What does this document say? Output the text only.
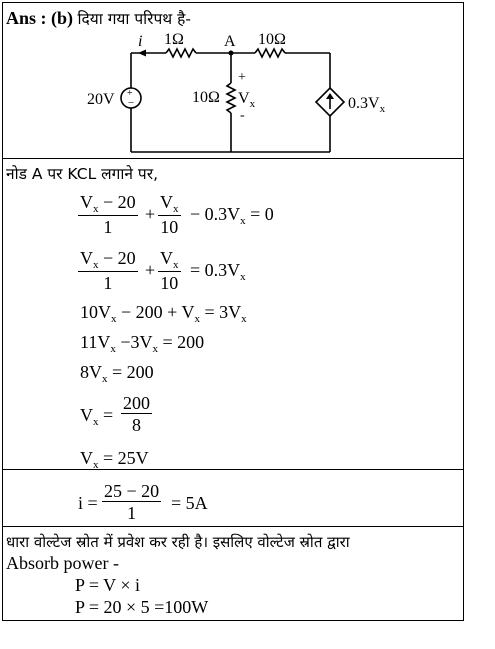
Ans : (b) दिया गया परिपथ है-
+
−
A
i 1Ω	10Ω
10Ω
20V
+
$V_x$
-
$0.3V_x$
नोड A पर KCL लगाने पर,
$\frac{V_x - 20}{1} + \frac{V_x}{10} - 0.3V_x = 0$
$\frac{V_x - 20}{1} + \frac{V_x}{10} = 0.3V_x$
$10V_x - 200 + V_x = 3V_x$
$11V_x -3V_x = 200$
$8V_x = 200$
$V_x = \frac{200}{8}$
$V_x = 25V$
$i = \frac{25 - 20}{1} = 5A$
धारा वोल्टेज स्रोत में प्रवेश कर रही है। इसलिए वोल्टेज स्रोत द्वारा
Absorb power -
P = V × i
P = 20 × 5 =100W
